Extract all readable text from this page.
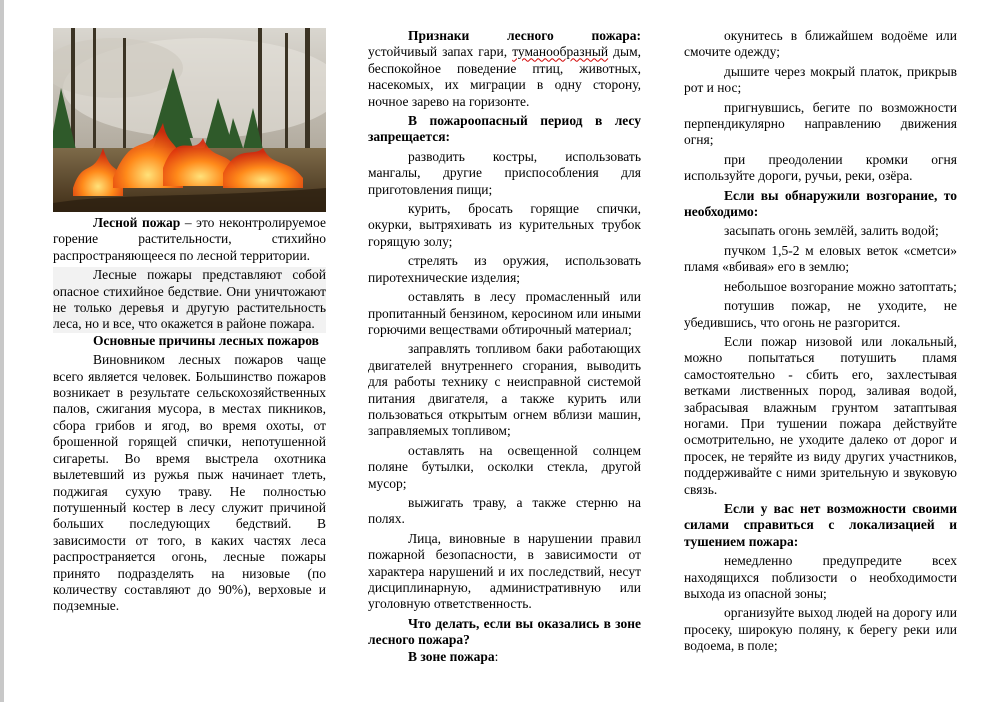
Лесной пожар – это неконтролируемое горение растительности, стихийно распространяющееся по лесной территории.

Лесные пожары представляют собой опасное стихийное бедствие. Они уничтожают не только деревья и другую растительность леса, но и все, что окажется в районе пожара.

Основные причины лесных пожаров

Виновником лесных пожаров чаще всего является человек. Большинство пожаров возникает в результате сельскохозяйственных палов, сжигания мусора, в местах пикников, сбора грибов и ягод, во время охоты, от брошенной горящей спички, непотушенной сигареты. Во время выстрела охотника вылетевший из ружья пыж начинает тлеть, поджигая сухую траву. Не полностью потушенный костер в лесу служит причиной больших последующих бедствий. В зависимости от того, в каких частях леса распространяется огонь, лесные пожары принято подразделять на низовые (по количеству составляют до 90%), верховые и подземные.

Признаки лесного пожара: устойчивый запах гари, туманообразный дым, беспокойное поведение птиц, животных, насекомых, их миграции в одну сторону, ночное зарево на горизонте.

В пожароопасный период в лесу запрещается:

разводить костры, использовать мангалы, другие приспособления для приготовления пищи;

курить, бросать горящие спички, окурки, вытряхивать из курительных трубок горящую золу;

стрелять из оружия, использовать пиротехнические изделия;

оставлять в лесу промасленный или пропитанный бензином, керосином или иными горючими веществами обтирочный материал;

заправлять топливом баки работающих двигателей внутреннего сгорания, выводить для работы технику с неисправной системой питания двигателя, а также курить или пользоваться открытым огнем вблизи машин, заправляемых топливом;

оставлять на освещенной солнцем поляне бутылки, осколки стекла, другой мусор;

выжигать траву, а также стерню на полях.

Лица, виновные в нарушении правил пожарной безопасности, в зависимости от характера нарушений и их последствий, несут дисциплинарную, административную или уголовную ответственность.

Что делать, если вы оказались в зоне лесного пожара?

В зоне пожара:

окунитесь в ближайшем водоёме или смочите одежду;

дышите через мокрый платок, прикрыв рот и нос;

пригнувшись, бегите по возможности перпендикулярно направлению движения огня;

при преодолении кромки огня используйте дороги, ручьи, реки, озёра.

Если вы обнаружили возгорание, то необходимо:

засыпать огонь землёй, залить водой;

пучком 1,5-2 м еловых веток «сметси» пламя «вбивая» его в землю;

небольшое возгорание можно затоптать;

потушив пожар, не уходите, не убедившись, что огонь не разгорится.

Если пожар низовой или локальный, можно попытаться потушить пламя самостоятельно - сбить его, захлестывая ветками лиственных пород, заливая водой, забрасывая влажным грунтом затаптывая ногами. При тушении пожара действуйте осмотрительно, не уходите далеко от дорог и просек, не теряйте из виду других участников, поддерживайте с ними зрительную и звуковую связь.

Если у вас нет возможности своими силами справиться с локализацией и тушением пожара:

немедленно предупредите всех находящихся поблизости о необходимости выхода из опасной зоны;

организуйте выход людей на дорогу или просеку, широкую поляну, к берегу реки или водоема, в поле;
